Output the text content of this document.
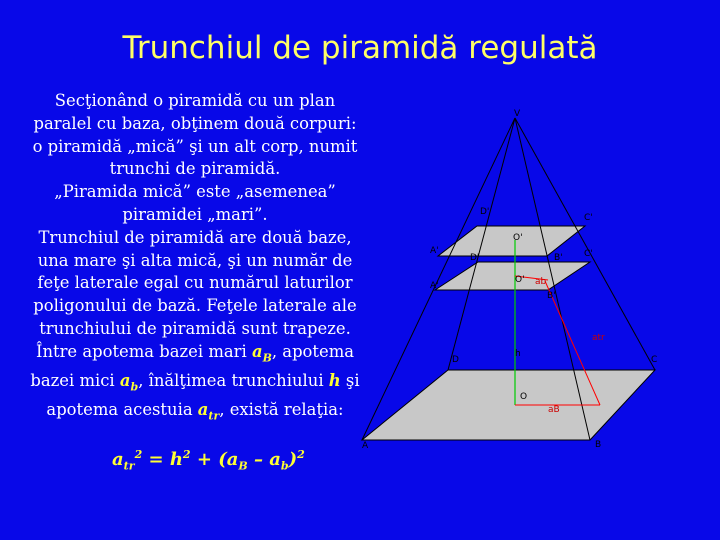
Trunchiul de piramidă regulată
Secţionând o piramidă cu un plan paralel cu baza, obţinem două corpuri: o piramidă „mică” şi un alt corp, numit trunchi de piramidă.
„Piramida mică” este „asemenea” piramidei „mari”.
Trunchiul de piramidă are două baze, una mare şi alta mică, şi un număr de feţe laterale egal cu numărul laturilor poligonului de bază. Feţele laterale ale trunchiului de piramidă sunt trapeze.
Între apotema bazei mari $a_B$, apotema bazei mici $a_b$, înălţimea trunchiului h şi apotema acestuia $a_{tr}$, există relaţia:
$a_{tr}^2 = h^2 + (a_B - a_b)^2$
V
D'
C'
O'
A'
D'	B' C'
A'
O' ab
B'
atr
D
h
C
O
aB
A	B
